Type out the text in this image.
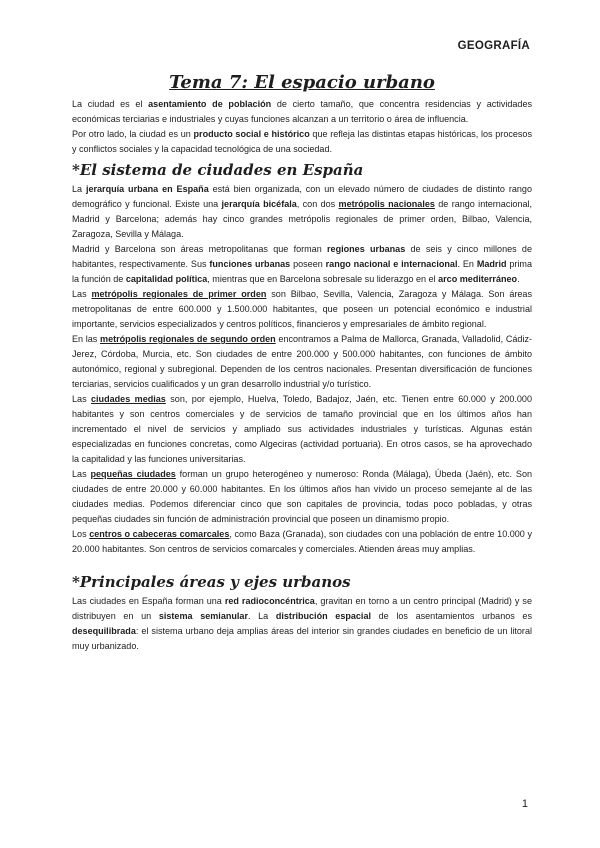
GEOGRAFÍA
Tema 7: El espacio urbano

La ciudad es el asentamiento de población de cierto tamaño, que concentra residencias y actividades económicas terciarias e industriales y cuyas funciones alcanzan a un territorio o área de influencia.

Por otro lado, la ciudad es un producto social e histórico que refleja las distintas etapas históricas, los procesos y conflictos sociales y la capacidad tecnológica de una sociedad.

*El sistema de ciudades en España

La jerarquía urbana en España está bien organizada, con un elevado número de ciudades de distinto rango demográfico y funcional. Existe una jerarquía bicéfala, con dos metrópolis nacionales de rango internacional, Madrid y Barcelona; además hay cinco grandes metrópolis regionales de primer orden, Bilbao, Valencia, Zaragoza, Sevilla y Málaga.

Madrid y Barcelona son áreas metropolitanas que forman regiones urbanas de seis y cinco millones de habitantes, respectivamente. Sus funciones urbanas poseen rango nacional e internacional. En Madrid prima la función de capitalidad política, mientras que en Barcelona sobresale su liderazgo en el arco mediterráneo.

Las metrópolis regionales de primer orden son Bilbao, Sevilla, Valencia, Zaragoza y Málaga. Son áreas metropolitanas de entre 600.000 y 1.500.000 habitantes, que poseen un potencial económico e industrial importante, servicios especializados y centros políticos, financieros y empresariales de ámbito regional.

En las metrópolis regionales de segundo orden encontramos a Palma de Mallorca, Granada, Valladolid, Cádiz-Jerez, Córdoba, Murcia, etc. Son ciudades de entre 200.000 y 500.000 habitantes, con funciones de ámbito autonómico, regional y subregional. Dependen de los centros nacionales. Presentan diversificación de funciones terciarias, servicios cualificados y un gran desarrollo industrial y/o turístico.

Las ciudades medias son, por ejemplo, Huelva, Toledo, Badajoz, Jaén, etc. Tienen entre 60.000 y 200.000 habitantes y son centros comerciales y de servicios de tamaño provincial que en los últimos años han incrementado el nivel de servicios y ampliado sus actividades industriales y turísticas. Algunas están especializadas en funciones concretas, como Algeciras (actividad portuaria). En otros casos, se ha aprovechado la capitalidad y las funciones universitarias.

Las pequeñas ciudades forman un grupo heterogéneo y numeroso: Ronda (Málaga), Úbeda (Jaén), etc. Son ciudades de entre 20.000 y 60.000 habitantes. En los últimos años han vivido un proceso semejante al de las ciudades medias. Podemos diferenciar cinco que son capitales de provincia, todas poco pobladas, y otras pequeñas ciudades sin función de administración provincial que poseen un dinamismo propio.

Los centros o cabeceras comarcales, como Baza (Granada), son ciudades con una población de entre 10.000 y 20.000 habitantes. Son centros de servicios comarcales y comerciales. Atienden áreas muy amplias.

*Principales áreas y ejes urbanos

Las ciudades en España forman una red radioconcéntrica, gravitan en torno a un centro principal (Madrid) y se distribuyen en un sistema semianular. La distribución espacial de los asentamientos urbanos es desequilibrada: el sistema urbano deja amplias áreas del interior sin grandes ciudades en beneficio de un litoral muy urbanizado.

1
